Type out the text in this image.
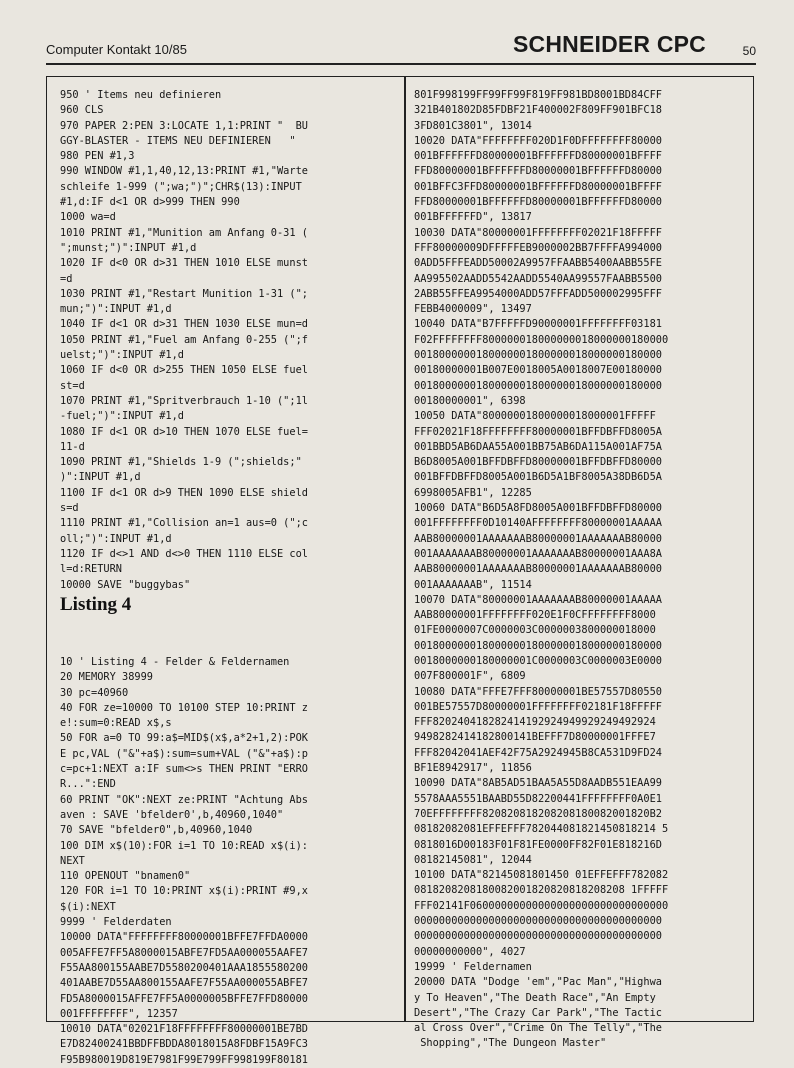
Computer Kontakt 10/85	SCHNEIDER CPC	50
950 ' Items neu definieren
960 CLS
970 PAPER 2:PEN 3:LOCATE 1,1:PRINT "  BU
GGY-BLASTER - ITEMS NEU DEFINIEREN   "
980 PEN #1,3
990 WINDOW #1,1,40,12,13:PRINT #1,"Warte
schleife 1-999 (";wa;")";CHR$(13):INPUT
#1,d:IF d<1 OR d>999 THEN 990
1000 wa=d
1010 PRINT #1,"Munition am Anfang 0-31 (
";munst;")":INPUT #1,d
1020 IF d<0 OR d>31 THEN 1010 ELSE munst
=d
1030 PRINT #1,"Restart Munition 1-31 (";
mun;")":INPUT #1,d
1040 IF d<1 OR d>31 THEN 1030 ELSE mun=d
1050 PRINT #1,"Fuel am Anfang 0-255 (";f
uelst;")":INPUT #1,d
1060 IF d<0 OR d>255 THEN 1050 ELSE fuel
st=d
1070 PRINT #1,"Spritverbrauch 1-10 (";1l
-fuel;")":INPUT #1,d
1080 IF d<1 OR d>10 THEN 1070 ELSE fuel=
11-d
1090 PRINT #1,"Shields 1-9 (";shields;"
)":INPUT #1,d
1100 IF d<1 OR d>9 THEN 1090 ELSE shield
s=d
1110 PRINT #1,"Collision an=1 aus=0 (";c
oll;")":INPUT #1,d
1120 IF d<>1 AND d<>0 THEN 1110 ELSE col
l=d:RETURN
10000 SAVE "buggybas"
Listing 4
10 ' Listing 4 - Felder & Feldernamen
20 MEMORY 38999
30 pc=40960
40 FOR ze=10000 TO 10100 STEP 10:PRINT z
e!:sum=0:READ x$,s
50 FOR a=0 TO 99:a$=MID$(x$,a*2+1,2):POK
E pc,VAL ("&"+a$):sum=sum+VAL ("&"+a$):p
c=pc+1:NEXT a:IF sum<>s THEN PRINT "ERRO
R...":END
60 PRINT "OK":NEXT ze:PRINT "Achtung Abs
aven : SAVE 'bfelder0',b,40960,1040"
70 SAVE "bfelder0",b,40960,1040
100 DIM x$(10):FOR i=1 TO 10:READ x$(i):
NEXT
110 OPENOUT "bnamen0"
120 FOR i=1 TO 10:PRINT x$(i):PRINT #9,x
$(i):NEXT
9999 ' Felderdaten
10000 DATA"FFFFFFFF80000001BFFE7FFDA0000
005AFFE7FF5A8000015ABFE7FD5AA000055AAFE7
F55AA800155AABE7D5580200401AAA1855580200
401AABE7D55AA800155AAFE7F55AA000055ABFE7
FD5A8000015AFFE7FF5A0000005BFFE7FFD80000
001FFFFFFFF", 12357
10010 DATA"02021F18FFFFFFFF80000001BE7BD
E7D82400241BBDFFBDDA8018015A8FDBF15A9FC3
F95B980019D819E7981F99E799FF998199F80181
801F998199FF99FF99F819FF981BD8001BD84CFF
321B401802D85FDBF21F400002F809FF901BFC18
3FD801C3801", 13014
10020 DATA"FFFFFFFF020D1F0DFFFFFFFF80000
001BFFFFFFD80000001BFFFFFFD80000001BFFFF
FFD80000001BFFFFFFD80000001BFFFFFFD80000
001BFFC3FFD80000001BFFFFFFD80000001BFFFF
FFD80000001BFFFFFFD80000001BFFFFFFD80000
001BFFFFFFD", 13817
10030 DATA"80000001FFFFFFFF02021F18FFFFF
FFF80000009DFFFFFEB9000002BB7FFFFA994000
0ADD5FFFEADD50002A9957FFAABB5400AABB55FE
AA995502AADD5542AADD5540AA99557FAABB5500
2ABB55FFEA9954000ADD57FFFADD500002995FFF
FEBB4000009", 13497
10040 DATA"B7FFFFFD90000001FFFFFFFF03181
F02FFFFFFFF800000018000000018000000180000
0018000000180000001800000018000000180000
00180000001B007E0018005A0018007E00180000
0018000000180000001800000018000000180000
00180000001", 6398
10050 DATA"80000001800000018000001FFFFF
FFF02021F18FFFFFFFF80000001BFFDBFFD8005A
001BBD5AB6DAA55A001BB75AB6DA115A001AF75A
B6D8005A001BFFDBFFD80000001BFFDBFFD80000
001BFFDBFFD8005A001B6D5A1BF8005A38DB6D5A
6998005AFB1", 12285
10060 DATA"B6D5A8FD8005A001BFFDBFFD80000
001FFFFFFFF0D10140AFFFFFFFF80000001AAAAA
AAB80000001AAAAAAAB80000001AAAAAAAB80000
001AAAAAAAB80000001AAAAAAAB80000001AAA8A
AAB80000001AAAAAAAB80000001AAAAAAAB80000
001AAAAAAAB", 11514
10070 DATA"80000001AAAAAAAB80000001AAAAA
AAB80000001FFFFFFFF020E1F0CFFFFFFFF8000
01FE0000007C0000003C0000003800000018000
0018000000180000001800000018000000180000
0018000000180000001C0000003C0000003E0000
007F800001F", 6809
10080 DATA"FFFE7FFF80000001BE57557D80550
001BE57557D80000001FFFFFFFF02181F18FFFFF
FFF820240418282414192924949929249492924
9498282414182800141BEFFF7D80000001FFFE7
FFF82042041AEF42F75A2924945B8CA531D9FD24
BF1E8942917", 11856
10090 DATA"8AB5AD51BAA5A55D8AADB551EAA99
5578AAA5551BAABD55D82200441FFFFFFFF0A0E1
70EFFFFFFFF820820818208208180082001820B2
08182082081EFFEFFF782044081821450818214 5
0818016D00183F01F81FE0000FF82F01E818216D
08182145081", 12044
10100 DATA"82145081801450 01EFFEFFF782082
0818208208180082001820820818208208 1FFFFF
FFF02141F06000000000000000000000000000000
0000000000000000000000000000000000000000
0000000000000000000000000000000000000000
00000000000", 4027
19999 ' Feldernamen
20000 DATA "Dodge 'em","Pac Man","Highwa
y To Heaven","The Death Race","An Empty
Desert","The Crazy Car Park","The Tactic
al Cross Over","Crime On The Telly","The
Shopping","The Dungeon Master"
